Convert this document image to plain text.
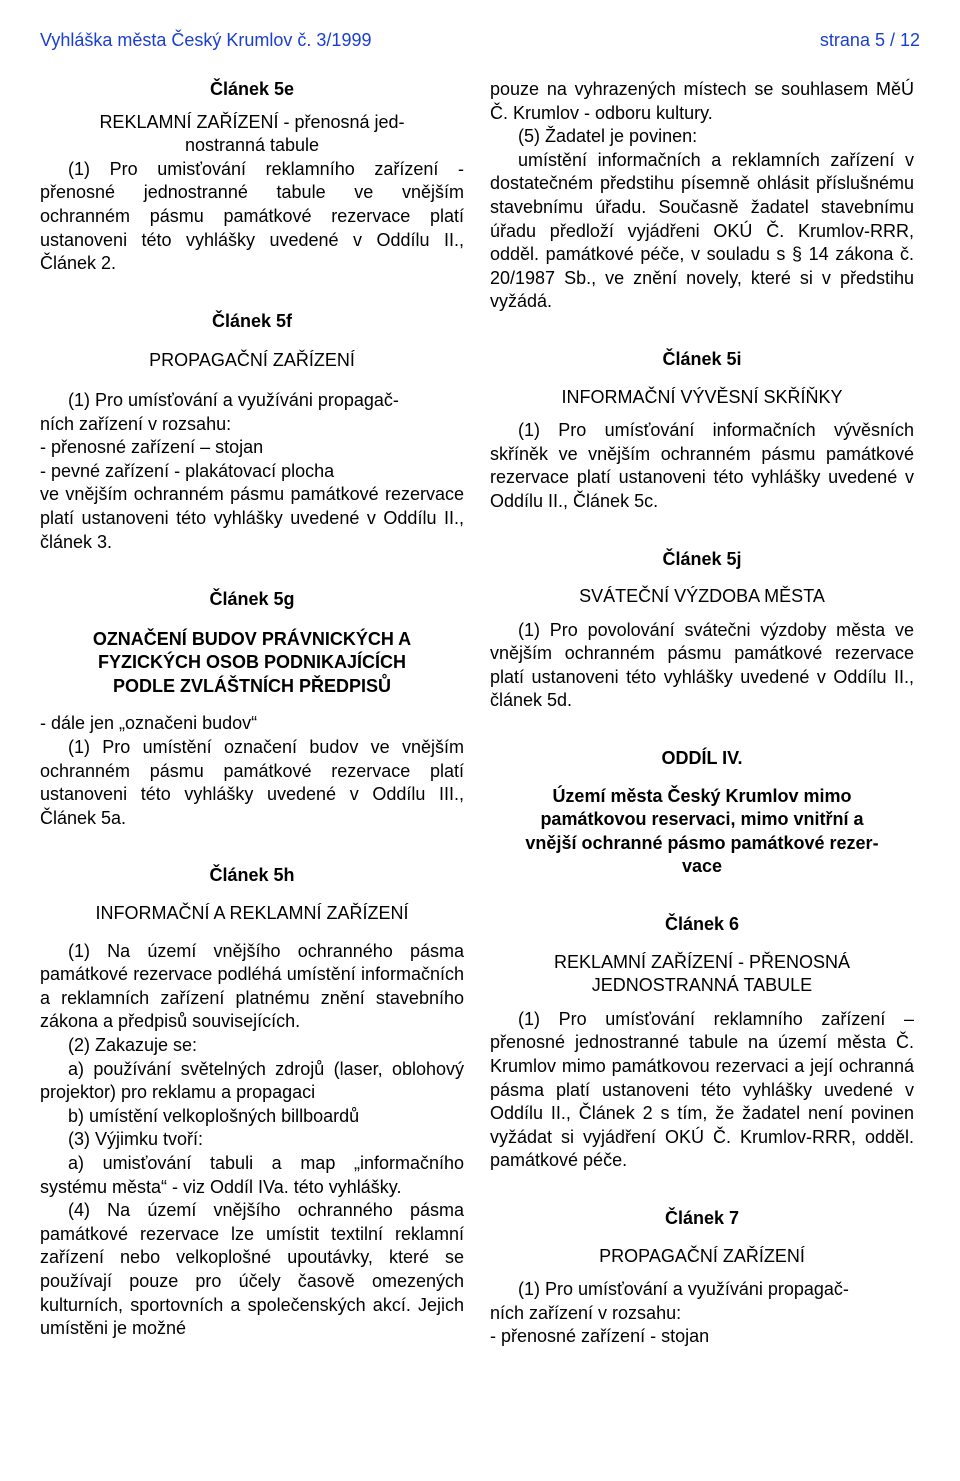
Vyhláška města Český Krumlov č. 3/1999	strana 5 / 12

Článek 5e

REKLAMNÍ ZAŘÍZENÍ - přenosná jed-
nostranná tabule

(1) Pro umisťování reklamního zařízení - přenosné jednostranné tabule ve vnějším ochranném pásmu památkové rezervace platí ustanoveni této vyhlášky uvedené v Oddílu II., Článek 2.

Článek 5f

PROPAGAČNÍ ZAŘÍZENÍ

(1) Pro umísťování a využíváni propagač-
ních zařízení v rozsahu:
- přenosné zařízení – stojan
- pevné zařízení - plakátovací plocha

ve vnějším ochranném pásmu památkové rezervace platí ustanoveni této vyhlášky uvedené v Oddílu II., článek 3.

Článek 5g

OZNAČENÍ BUDOV PRÁVNICKÝCH A
FYZICKÝCH OSOB PODNIKAJÍCÍCH
PODLE ZVLÁŠTNÍCH PŘEDPISŮ

- dále jen „označeni budov“

(1) Pro umístění označení budov ve vnějším ochranném pásmu památkové rezervace platí ustanoveni této vyhlášky uvedené v Oddílu III., Článek 5a.

Článek 5h

INFORMAČNÍ A REKLAMNÍ ZAŘÍZENÍ

(1) Na území vnějšího ochranného pásma památkové rezervace podléhá umístění informačních a reklamních zařízení platnému znění stavebního zákona a předpisů souvisejících.

(2) Zakazuje se:

a) používání světelných zdrojů (laser, oblohový projektor) pro reklamu a propagaci

b) umístění velkoplošných billboardů

(3) Výjimku tvoří:

a) umisťování tabuli a map „informačního systému města“ - viz Oddíl IVa. této vyhlášky.

(4) Na území vnějšího ochranného pásma památkové rezervace lze umístit textilní reklamní zařízení nebo velkoplošné upoutávky, které se používají pouze pro účely časově omezených kulturních, sportovních a společenských akcí. Jejich umístěni je možné

pouze na vyhrazených místech se souhlasem MěÚ Č. Krumlov - odboru kultury.

(5) Žadatel je povinen:

umístění informačních a reklamních zařízení v dostatečném předstihu písemně ohlásit příslušnému stavebnímu úřadu. Současně žadatel stavebnímu úřadu předloží vyjádřeni OKÚ Č. Krumlov-RRR, odděl. památkové péče, v souladu s § 14 zákona č. 20/1987 Sb., ve znění novely, které si v předstihu vyžádá.

Článek 5i

INFORMAČNÍ VÝVĚSNÍ SKŘÍŇKY

(1) Pro umísťování informačních vývěsních skříněk ve vnějším ochranném pásmu památkové rezervace platí ustanoveni této vyhlášky uvedené v Oddílu II., Článek 5c.

Článek 5j

SVÁTEČNÍ VÝZDOBA MĚSTA

(1) Pro povolování svátečni výzdoby města ve vnějším ochranném pásmu památkové rezervace platí ustanoveni této vyhlášky uvedené v Oddílu II., článek 5d.

ODDÍL IV.

Území města Český Krumlov mimo
památkovou reservaci, mimo vnitřní a
vnější ochranné pásmo památkové rezer-
vace

Článek 6

REKLAMNÍ ZAŘÍZENÍ - PŘENOSNÁ
JEDNOSTRANNÁ TABULE

(1) Pro umísťování reklamního zařízení – přenosné jednostranné tabule na území města Č. Krumlov mimo památkovou rezervaci a její ochranná pásma platí ustanoveni této vyhlášky uvedené v Oddílu II., Článek 2 s tím, že žadatel není povinen vyžádat si vyjádření OKÚ Č. Krumlov-RRR, odděl. památkové péče.

Článek 7

PROPAGAČNÍ ZAŘÍZENÍ

(1) Pro umísťování a využíváni propagač-
ních zařízení v rozsahu:
- přenosné zařízení - stojan
